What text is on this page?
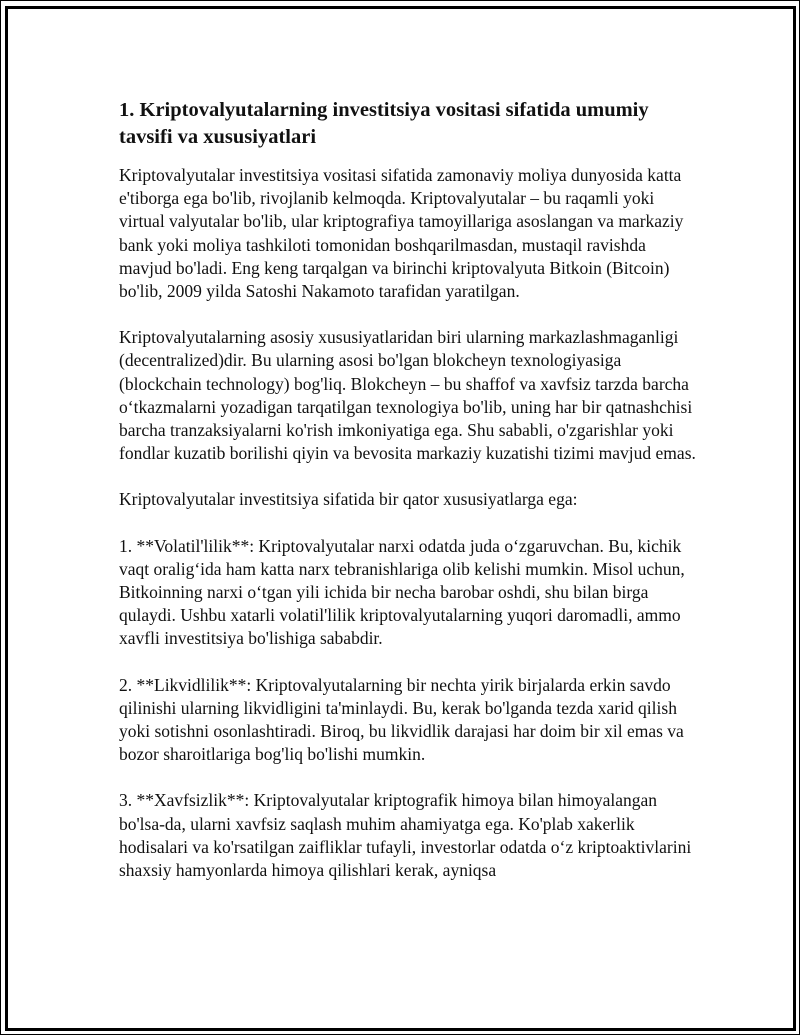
1. Kriptovalyutalarning investitsiya vositasi sifatida umumiy tavsifi va xususiyatlari

Kriptovalyutalar investitsiya vositasi sifatida zamonaviy moliya dunyosida katta e'tiborga ega bo'lib, rivojlanib kelmoqda. Kriptovalyutalar – bu raqamli yoki virtual valyutalar bo'lib, ular kriptografiya tamoyillariga asoslangan va markaziy bank yoki moliya tashkiloti tomonidan boshqarilmasdan, mustaqil ravishda mavjud bo'ladi. Eng keng tarqalgan va birinchi kriptovalyuta Bitkoin (Bitcoin) bo'lib, 2009 yilda Satoshi Nakamoto tarafidan yaratilgan.

Kriptovalyutalarning asosiy xususiyatlaridan biri ularning markazlashmaganligi (decentralized)dir. Bu ularning asosi bo'lgan blokcheyn texnologiyasiga (blockchain technology) bog'liq. Blokcheyn – bu shaffof va xavfsiz tarzda barcha o‘tkazmalarni yozadigan tarqatilgan texnologiya bo'lib, uning har bir qatnashchisi barcha tranzaksiyalarni ko'rish imkoniyatiga ega. Shu sababli, o'zgarishlar yoki fondlar kuzatib borilishi qiyin va bevosita markaziy kuzatishi tizimi mavjud emas.

Kriptovalyutalar investitsiya sifatida bir qator xususiyatlarga ega:

1. **Volatil'lilik**: Kriptovalyutalar narxi odatda juda o‘zgaruvchan. Bu, kichik vaqt oralig‘ida ham katta narx tebranishlariga olib kelishi mumkin. Misol uchun, Bitkoinning narxi o‘tgan yili ichida bir necha barobar oshdi, shu bilan birga qulaydi. Ushbu xatarli volatil'lilik kriptovalyutalarning yuqori daromadli, ammo xavfli investitsiya bo'lishiga sababdir.

2. **Likvidlilik**: Kriptovalyutalarning bir nechta yirik birjalarda erkin savdo qilinishi ularning likvidligini ta'minlaydi. Bu, kerak bo'lganda tezda xarid qilish yoki sotishni osonlashtiradi. Biroq, bu likvidlik darajasi har doim bir xil emas va bozor sharoitlariga bog'liq bo'lishi mumkin.

3. **Xavfsizlik**: Kriptovalyutalar kriptografik himoya bilan himoyalangan bo'lsa-da, ularni xavfsiz saqlash muhim ahamiyatga ega. Ko'plab xakerlik hodisalari va ko'rsatilgan zaifliklar tufayli, investorlar odatda o‘z kriptoaktivlarini shaxsiy hamyonlarda himoya qilishlari kerak, ayniqsa
